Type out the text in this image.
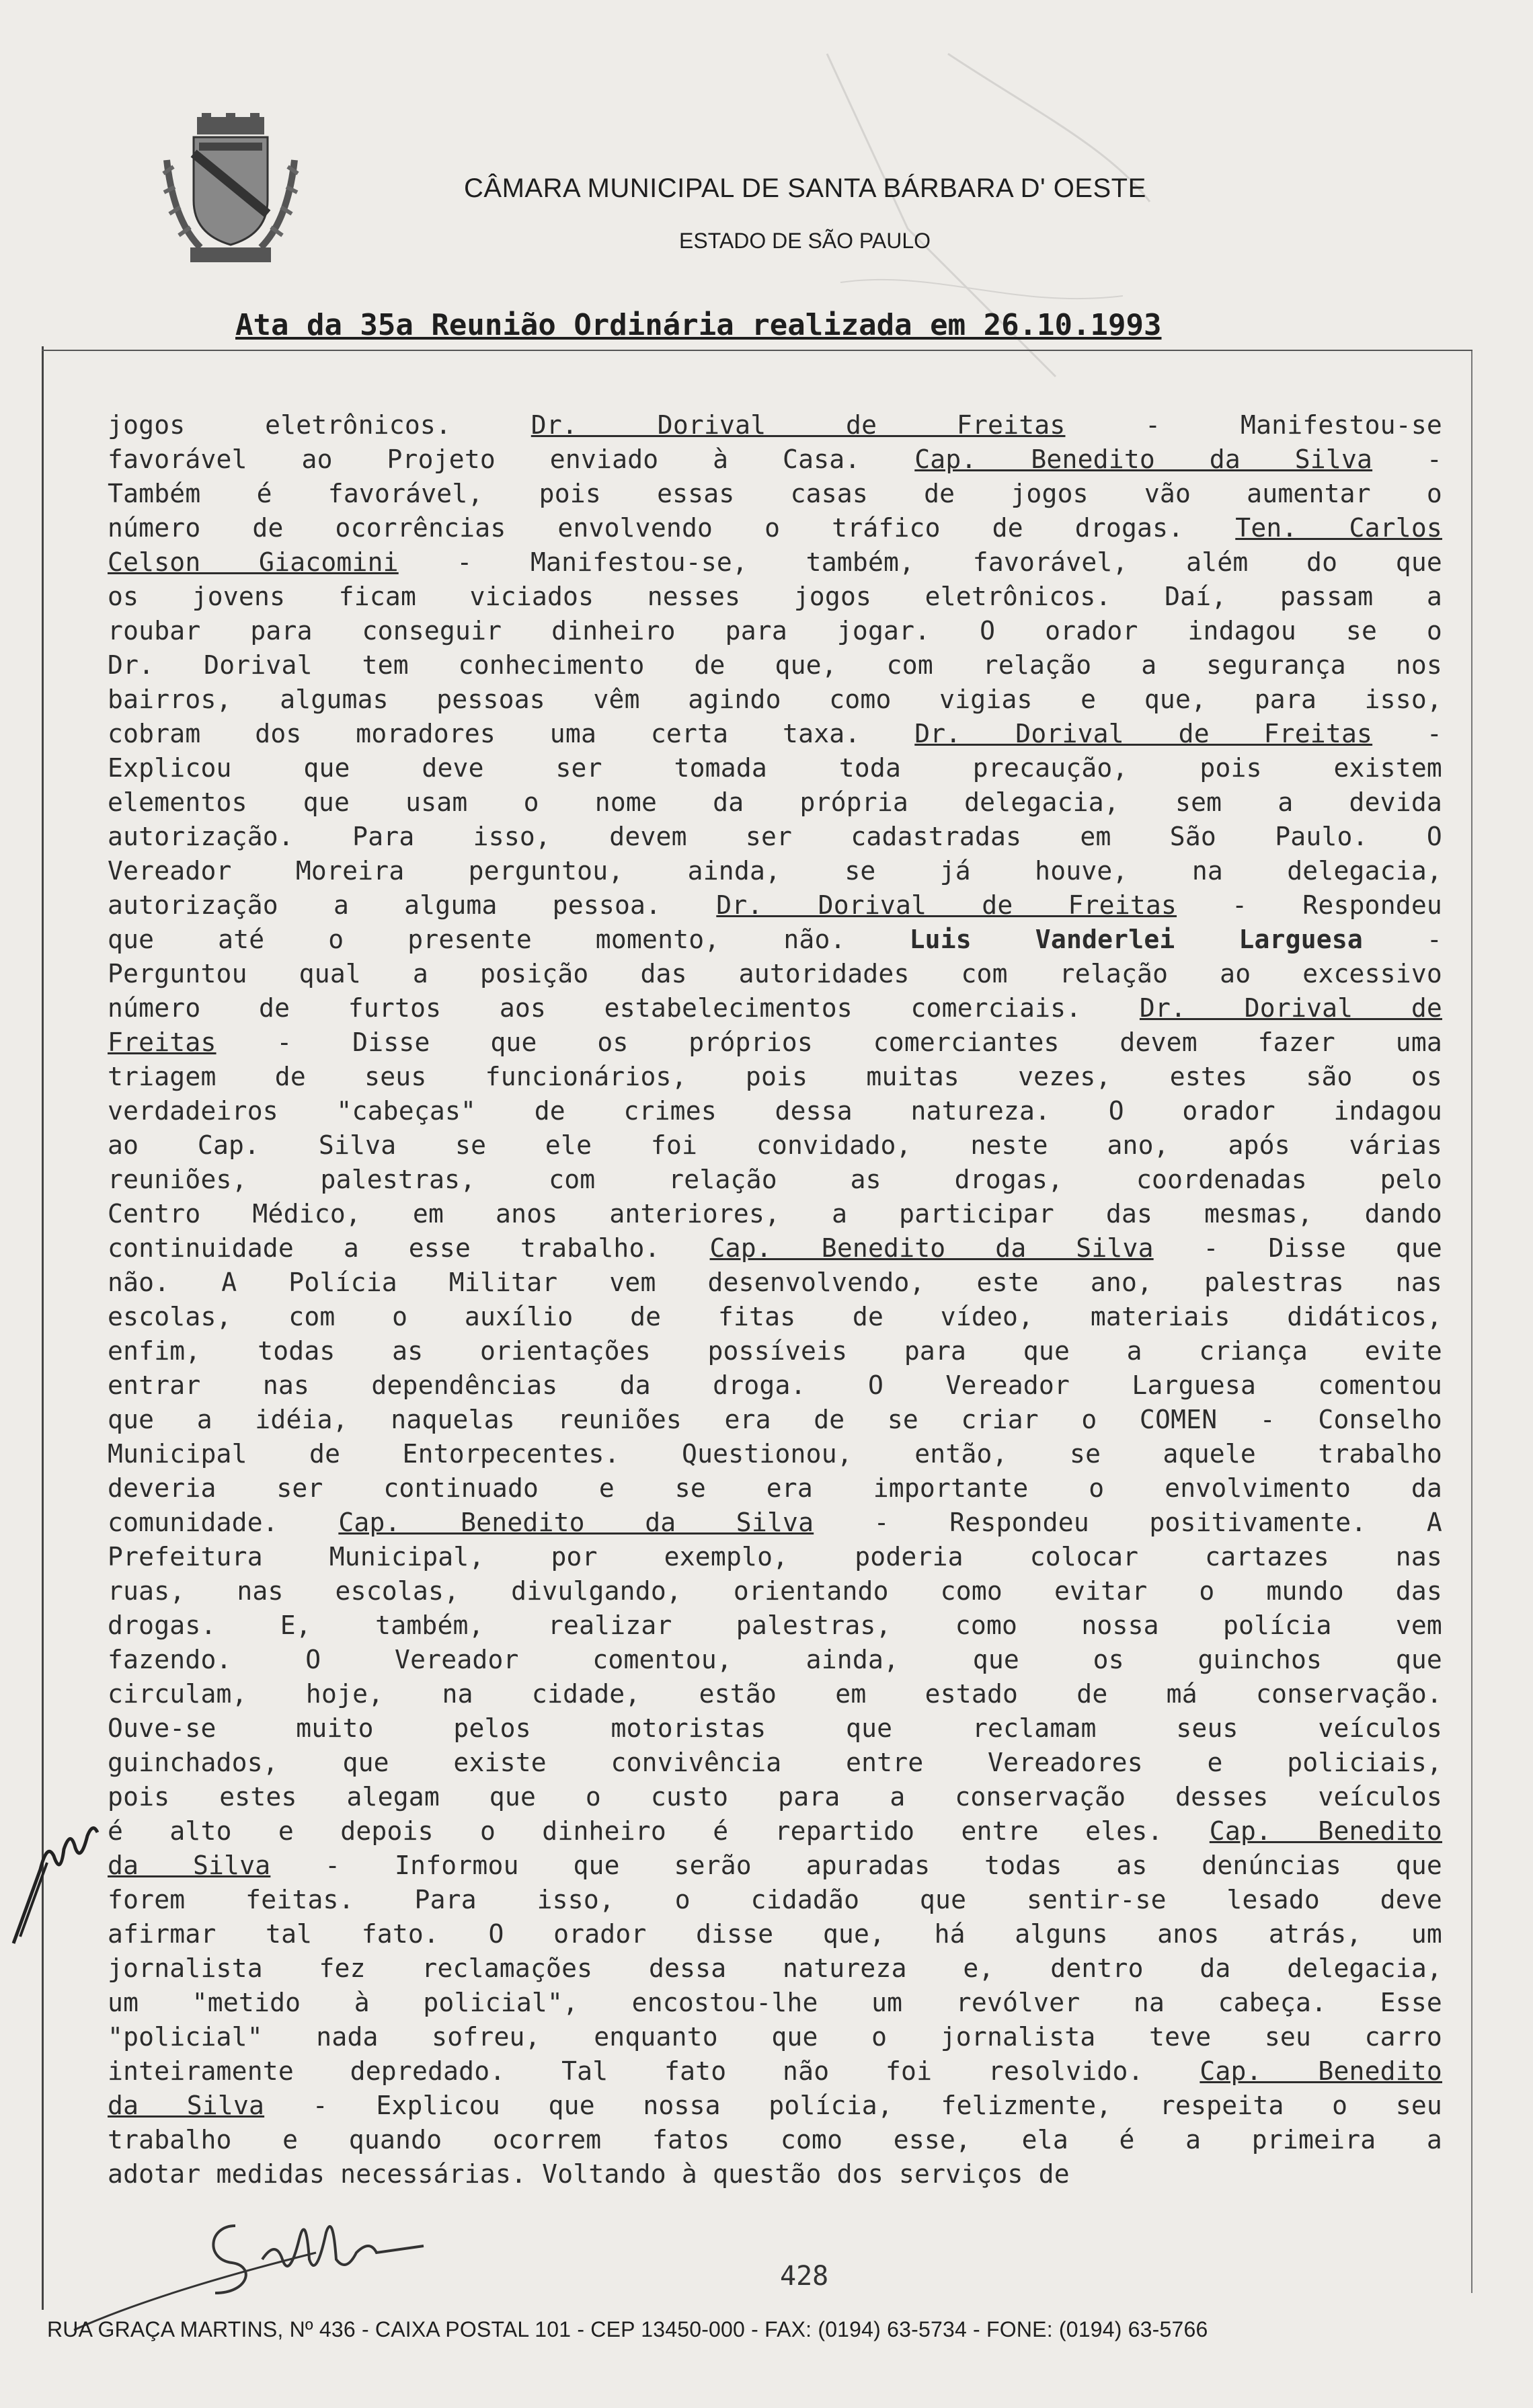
CÂMARA MUNICIPAL DE SANTA BÁRBARA D' OESTE
ESTADO DE SÃO PAULO
Ata da 35a Reunião Ordinária realizada em 26.10.1993
jogos eletrônicos. Dr. Dorival de Freitas - Manifestou-se
favorável ao Projeto enviado à Casa. Cap. Benedito da Silva -
Também é favorável, pois essas casas de jogos vão aumentar o
número de ocorrências envolvendo o tráfico de drogas. Ten. Carlos
Celson Giacomini - Manifestou-se, também, favorável, além do que
os jovens ficam viciados nesses jogos eletrônicos. Daí, passam a
roubar para conseguir dinheiro para jogar. O orador indagou se o
Dr. Dorival tem conhecimento de que, com relação a segurança nos
bairros, algumas pessoas vêm agindo como vigias e que, para isso,
cobram dos moradores uma certa taxa. Dr. Dorival de Freitas -
Explicou que deve ser tomada toda precaução, pois existem
elementos que usam o nome da própria delegacia, sem a devida
autorização. Para isso, devem ser cadastradas em São Paulo. O
Vereador Moreira perguntou, ainda, se já houve, na delegacia,
autorização a alguma pessoa. Dr. Dorival de Freitas - Respondeu
que até o presente momento, não. Luis Vanderlei Larguesa -
Perguntou qual a posição das autoridades com relação ao excessivo
número de furtos aos estabelecimentos comerciais. Dr. Dorival de
Freitas - Disse que os próprios comerciantes devem fazer uma
triagem de seus funcionários, pois muitas vezes, estes são os
verdadeiros "cabeças" de crimes dessa natureza. O orador indagou
ao Cap. Silva se ele foi convidado, neste ano, após várias
reuniões, palestras, com relação as drogas, coordenadas pelo
Centro Médico, em anos anteriores, a participar das mesmas, dando
continuidade a esse trabalho. Cap. Benedito da Silva - Disse que
não. A Polícia Militar vem desenvolvendo, este ano, palestras nas
escolas, com o auxílio de fitas de vídeo, materiais didáticos,
enfim, todas as orientações possíveis para que a criança evite
entrar nas dependências da droga. O Vereador Larguesa comentou
que a idéia, naquelas reuniões era de se criar o COMEN - Conselho
Municipal de Entorpecentes. Questionou, então, se aquele trabalho
deveria ser continuado e se era importante o envolvimento da
comunidade. Cap. Benedito da Silva - Respondeu positivamente. A
Prefeitura Municipal, por exemplo, poderia colocar cartazes nas
ruas, nas escolas, divulgando, orientando como evitar o mundo das
drogas. E, também, realizar palestras, como nossa polícia vem
fazendo. O Vereador comentou, ainda, que os guinchos que
circulam, hoje, na cidade, estão em estado de má conservação.
Ouve-se muito pelos motoristas que reclamam seus veículos
guinchados, que existe convivência entre Vereadores e policiais,
pois estes alegam que o custo para a conservação desses veículos
é alto e depois o dinheiro é repartido entre eles. Cap. Benedito
da Silva - Informou que serão apuradas todas as denúncias que
forem feitas. Para isso, o cidadão que sentir-se lesado deve
afirmar tal fato. O orador disse que, há alguns anos atrás, um
jornalista fez reclamações dessa natureza e, dentro da delegacia,
um "metido à policial", encostou-lhe um revólver na cabeça. Esse
"policial" nada sofreu, enquanto que o jornalista teve seu carro
inteiramente depredado. Tal fato não foi resolvido. Cap. Benedito
da Silva - Explicou que nossa polícia, felizmente, respeita o seu
trabalho e quando ocorrem fatos como esse, ela é a primeira a
adotar medidas necessárias. Voltando à questão dos serviços de
428
RUA GRAÇA MARTINS, Nº 436 - CAIXA POSTAL 101 - CEP 13450-000 - FAX: (0194) 63-5734 - FONE: (0194) 63-5766
